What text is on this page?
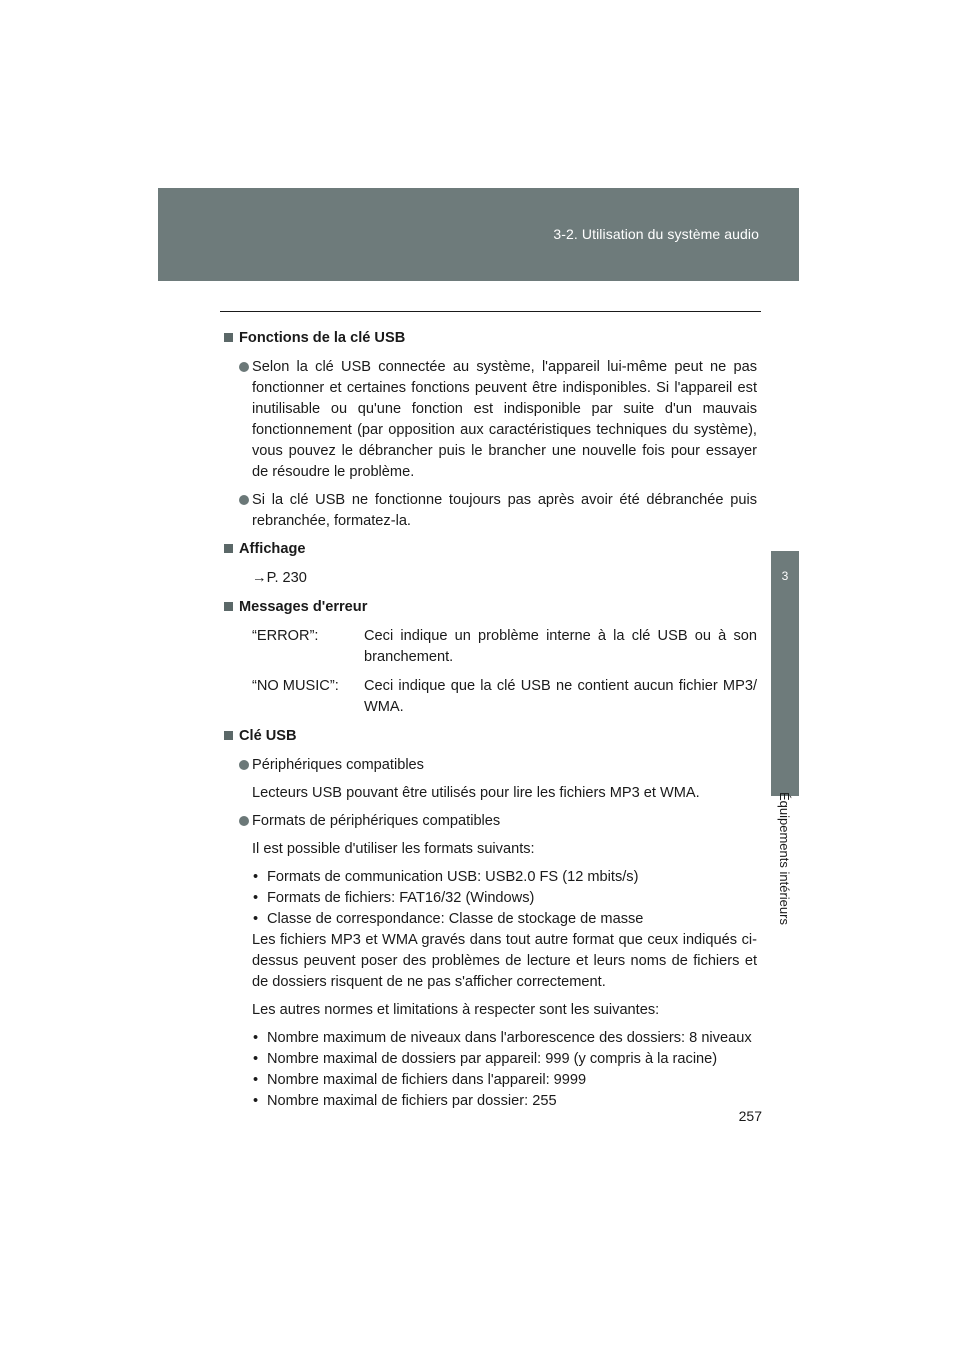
3-2. Utilisation du système audio
3
Équipements intérieurs
Fonctions de la clé USB
Selon la clé USB connectée au système, l'appareil lui-même peut ne pas fonctionner et certaines fonctions peuvent être indisponibles. Si l'appareil est inutilisable ou qu'une fonction est indisponible par suite d'un mauvais fonctionnement (par opposition aux caractéristiques techniques du système), vous pouvez le débrancher puis le brancher une nouvelle fois pour essayer de résoudre le problème.
Si la clé USB ne fonctionne toujours pas après avoir été débranchée puis rebranchée, formatez-la.
Affichage
→P. 230
Messages d'erreur
“ERROR”:	Ceci indique un problème interne à la clé USB ou à son branchement.
“NO MUSIC”:	Ceci indique que la clé USB ne contient aucun fichier MP3/ WMA.
Clé USB
Périphériques compatibles
Lecteurs USB pouvant être utilisés pour lire les fichiers MP3 et WMA.
Formats de périphériques compatibles
Il est possible d'utiliser les formats suivants:
• Formats de communication USB: USB2.0 FS (12 mbits/s)
• Formats de fichiers: FAT16/32 (Windows)
• Classe de correspondance: Classe de stockage de masse
Les fichiers MP3 et WMA gravés dans tout autre format que ceux indiqués ci-dessus peuvent poser des problèmes de lecture et leurs noms de fichiers et de dossiers risquent de ne pas s'afficher correctement.
Les autres normes et limitations à respecter sont les suivantes:
• Nombre maximum de niveaux dans l'arborescence des dossiers: 8 niveaux
• Nombre maximal de dossiers par appareil: 999 (y compris à la racine)
• Nombre maximal de fichiers dans l'appareil: 9999
• Nombre maximal de fichiers par dossier: 255
257
